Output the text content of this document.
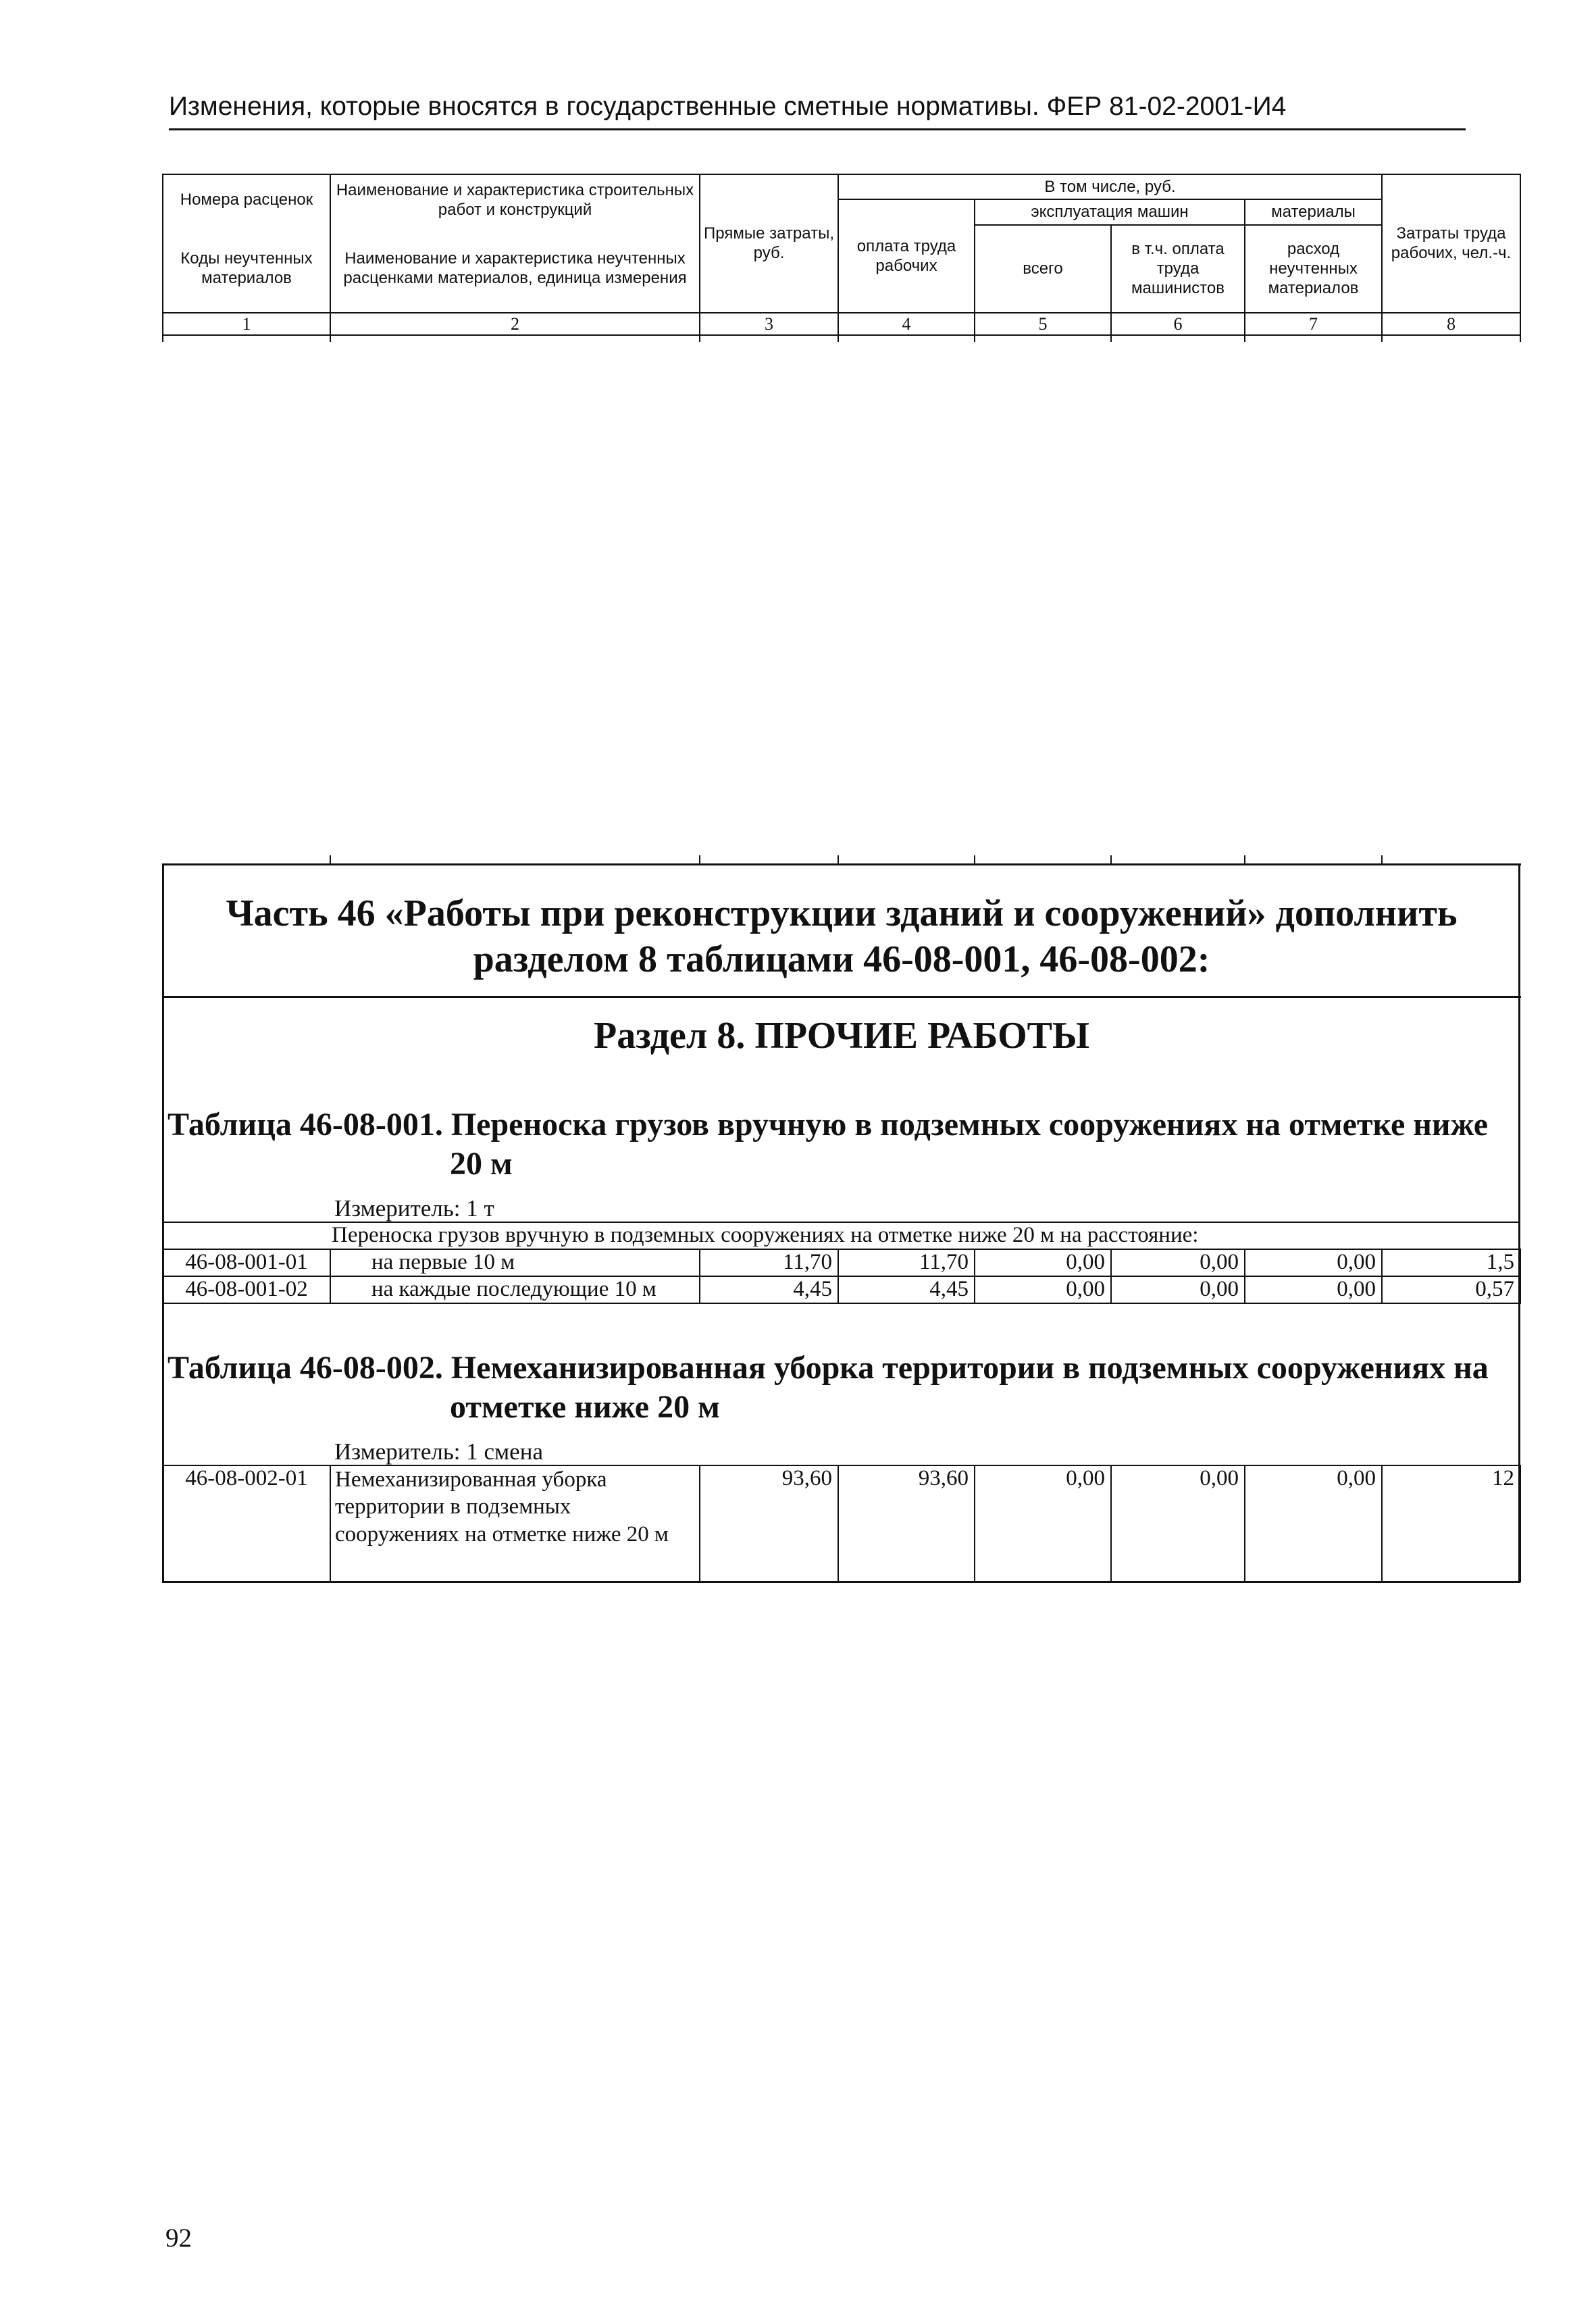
Изменения, которые вносятся в государственные сметные нормативы. ФЕР 81-02-2001-И4
Номера расценок	Наименование и характеристика строительных работ и конструкций	Прямые затраты, руб.	В том числе, руб.				Затраты труда рабочих, чел.-ч.
			оплата труда рабочих	эксплуатация машин		материалы	
Коды неучтенных материалов	Наименование и характеристика неучтенных расценками материалов, единица измерения			всего	в т.ч. оплата труда машинистов	расход неучтенных материалов	

1	2	3	4	5	6	7	8

Часть 46 «Работы при реконструкции зданий и сооружений» дополнить разделом 8 таблицами 46-08-001, 46-08-002:
Раздел 8. ПРОЧИЕ РАБОТЫ
Таблица 46-08-001. Переноска грузов вручную в подземных сооружениях на отметке ниже
20 м
Измеритель: 1 т
Переноска грузов вручную в подземных сооружениях на отметке ниже 20 м на расстояние:							
46-08-001-01	на первые 10 м	11,70	11,70	0,00	0,00	0,00	1,5
46-08-001-02	на каждые последующие 10 м	4,45	4,45	0,00	0,00	0,00	0,57
Таблица 46-08-002. Немеханизированная уборка территории в подземных сооружениях на
отметке ниже 20 м
Измеритель: 1 смена
46-08-002-01	Немеханизированная уборка территории в подземных сооружениях на отметке ниже 20 м	93,60	93,60	0,00	0,00	0,00	12
92
